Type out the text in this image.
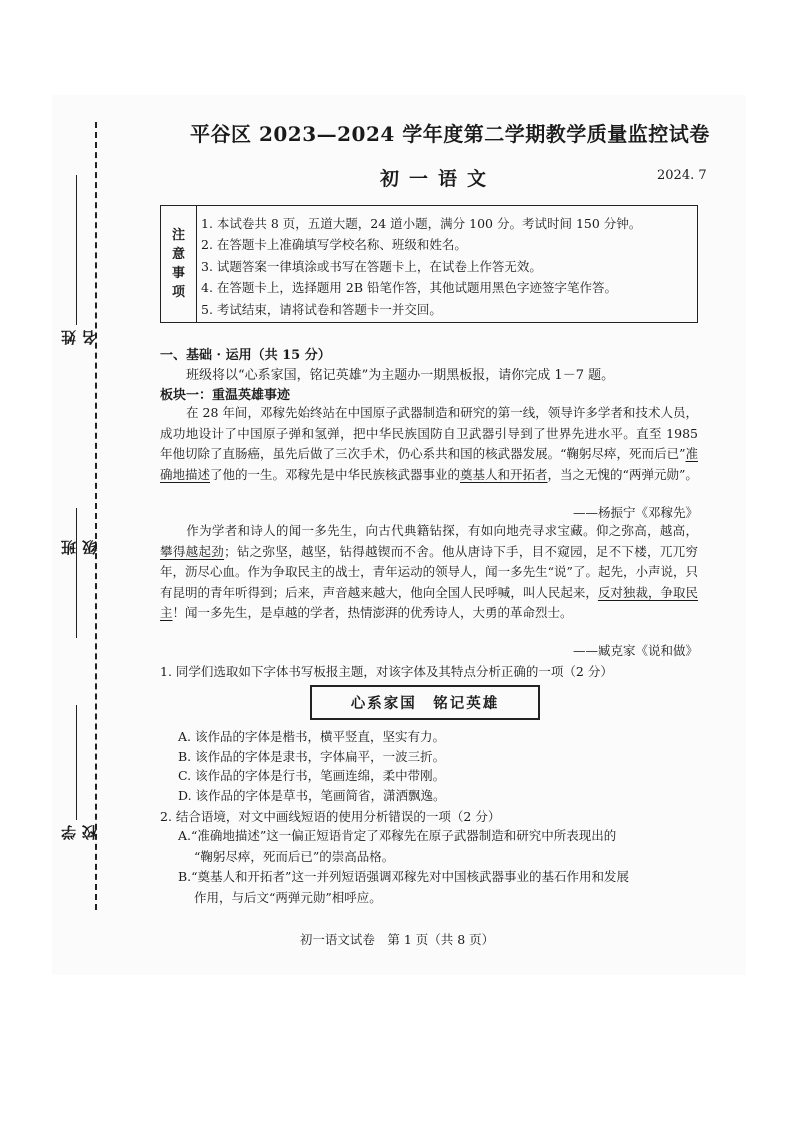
姓名
班级
学校
平谷区 2023—2024 学年度第二学期教学质量监控试卷
初一语文	2024. 7
注
意
事
项
1. 本试卷共 8 页，五道大题，24 道小题，满分 100 分。考试时间 150 分钟。
2. 在答题卡上准确填写学校名称、班级和姓名。
3. 试题答案一律填涂或书写在答题卡上，在试卷上作答无效。
4. 在答题卡上，选择题用 2B 铅笔作答，其他试题用黑色字迹签字笔作答。
5. 考试结束，请将试卷和答题卡一并交回。
一、基础 · 运用（共 15 分）
班级将以“心系家国，铭记英雄”为主题办一期黑板报，请你完成 1－7 题。
板块一：重温英雄事迹
在 28 年间，邓稼先始终站在中国原子武器制造和研究的第一线，领导许多学者和技术人员，成功地设计了中国原子弹和氢弹，把中华民族国防自卫武器引导到了世界先进水平。直至 1985 年他切除了直肠癌，虽先后做了三次手术，仍心系共和国的核武器发展。“鞠躬尽瘁，死而后已”准确地描述了他的一生。邓稼先是中华民族核武器事业的奠基人和开拓者，当之无愧的“两弹元勋”。
——杨振宁《邓稼先》
作为学者和诗人的闻一多先生，向古代典籍钻探，有如向地壳寻求宝藏。仰之弥高，越高，攀得越起劲；钻之弥坚，越坚，钻得越锲而不舍。他从唐诗下手，目不窥园，足不下楼，兀兀穷年，沥尽心血。作为争取民主的战士，青年运动的领导人，闻一多先生“说”了。起先，小声说，只有昆明的青年听得到；后来，声音越来越大，他向全国人民呼喊，叫人民起来，反对独裁，争取民主！闻一多先生，是卓越的学者，热情澎湃的优秀诗人，大勇的革命烈士。
——臧克家《说和做》
1. 同学们选取如下字体书写板报主题，对该字体及其特点分析正确的一项（2 分）
心系家国　铭记英雄
A. 该作品的字体是楷书，横平竖直，坚实有力。
B. 该作品的字体是隶书，字体扁平，一波三折。
C. 该作品的字体是行书，笔画连绵，柔中带刚。
D. 该作品的字体是草书，笔画简省，潇洒飘逸。
2. 结合语境，对文中画线短语的使用分析错误的一项（2 分）
A.“准确地描述”这一偏正短语肯定了邓稼先在原子武器制造和研究中所表现出的
“鞠躬尽瘁，死而后已”的崇高品格。
B.“奠基人和开拓者”这一并列短语强调邓稼先对中国核武器事业的基石作用和发展
作用，与后文“两弹元勋”相呼应。
初一语文试卷　第 1 页（共 8 页）
